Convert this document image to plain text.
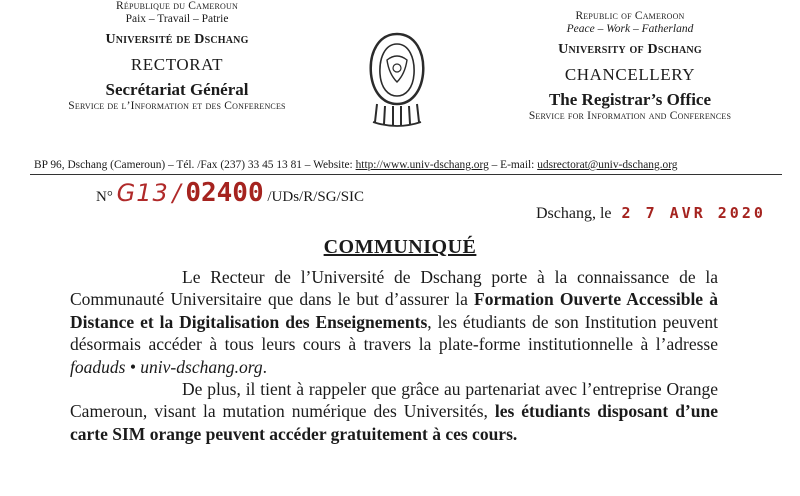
République du Cameroun
Paix – Travail – Patrie
Université de Dschang
RECTORAT
Secrétariat Général
Service de l’Information et des Conferences
Republic of Cameroon
Peace – Work – Fatherland
University of Dschang
CHANCELLERY
The Registrar’s Office
Service for Information and Conferences
BP 96, Dschang (Cameroun) – Tél. /Fax (237) 33 45 13 81 – Website: http://www.univ-dschang.org – E-mail: udsrectorat@univ-dschang.org
N° G13 / 02400 /UDs/R/SG/SIC
Dschang, le 2 7 AVR 2020
COMMUNIQUÉ

Le Recteur de l’Université de Dschang porte à la connaissance de la Communauté Universitaire que dans le but d’assurer la Formation Ouverte Accessible à Distance et la Digitalisation des Enseignements, les étudiants de son Institution peuvent désormais accéder à tous leurs cours à travers la plate-forme institutionnelle à l’adresse foaduds • univ-dschang.org.

De plus, il tient à rappeler que grâce au partenariat avec l’entreprise Orange Cameroun, visant la mutation numérique des Universités, les étudiants disposant d’une carte SIM orange peuvent accéder gratuitement à ces cours.
